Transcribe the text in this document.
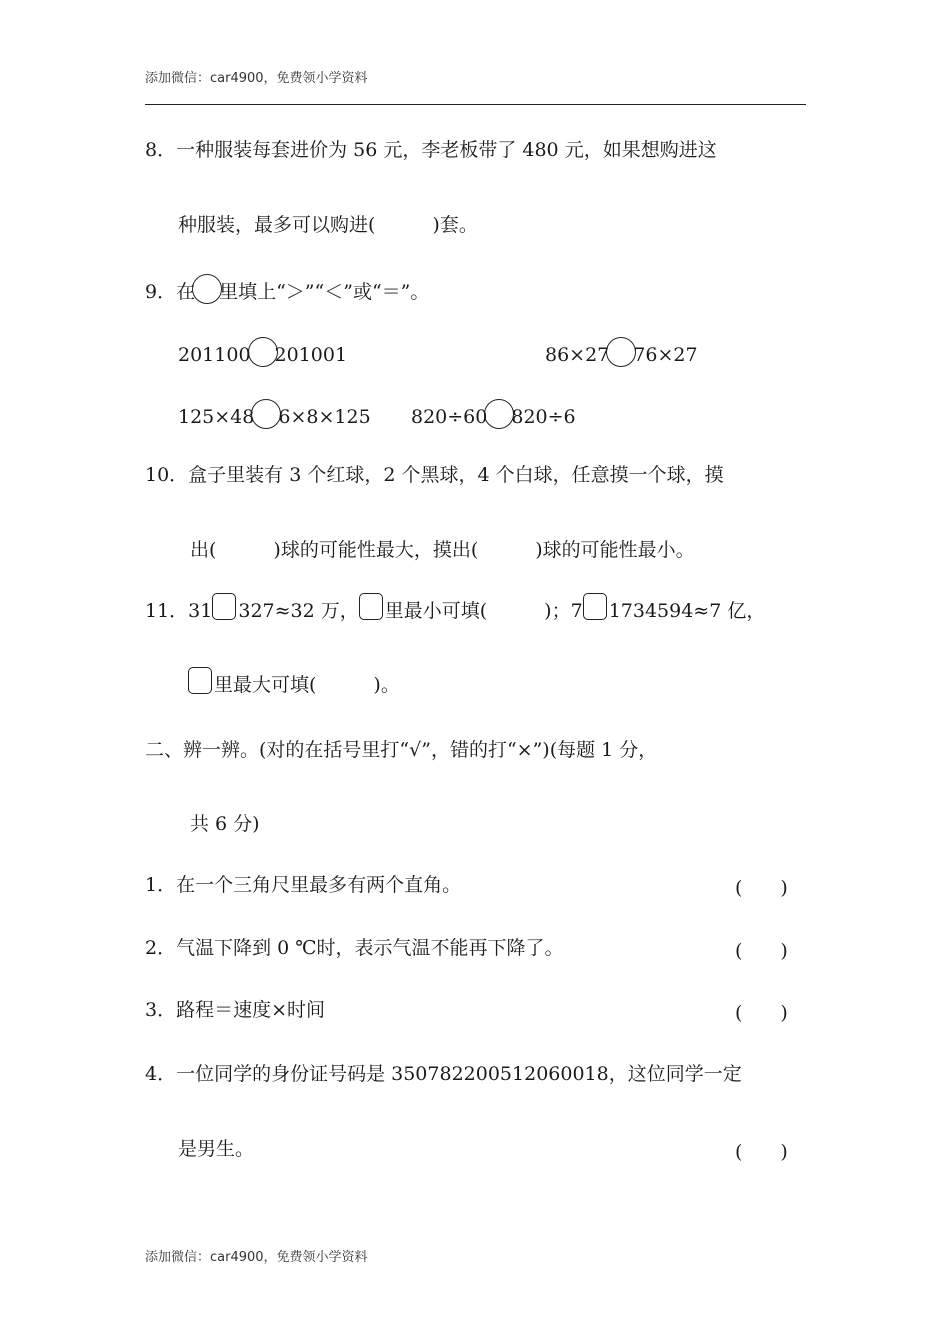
添加微信：car4900，免费领小学资料
8．一种服装每套进价为 56 元，李老板带了 480 元，如果想购进这
种服装，最多可以购进(　　　)套。
9．在 里填上“＞”“＜”或“＝”。
201100 201001	86×27 76×27
125×48 6×8×125 820÷60 820÷6
10．盒子里装有 3 个红球，2 个黑球，4 个白球，任意摸一个球，摸
出(　　　)球的可能性最大，摸出(　　　)球的可能性最小。
11．31 327≈32 万， 里最小可填(　　　)；7 1734594≈7 亿，
里最大可填(　　　)。
二、辨一辨。(对的在括号里打“√”，错的打“×”)(每题 1 分，
共 6 分)
1．在一个三角尺里最多有两个直角。	(　　)
2．气温下降到 0 ℃时，表示气温不能再下降了。	(　　)
3．路程＝速度×时间	(　　)
4．一位同学的身份证号码是 350782200512060018，这位同学一定
是男生。	(　　)
添加微信：car4900，免费领小学资料
